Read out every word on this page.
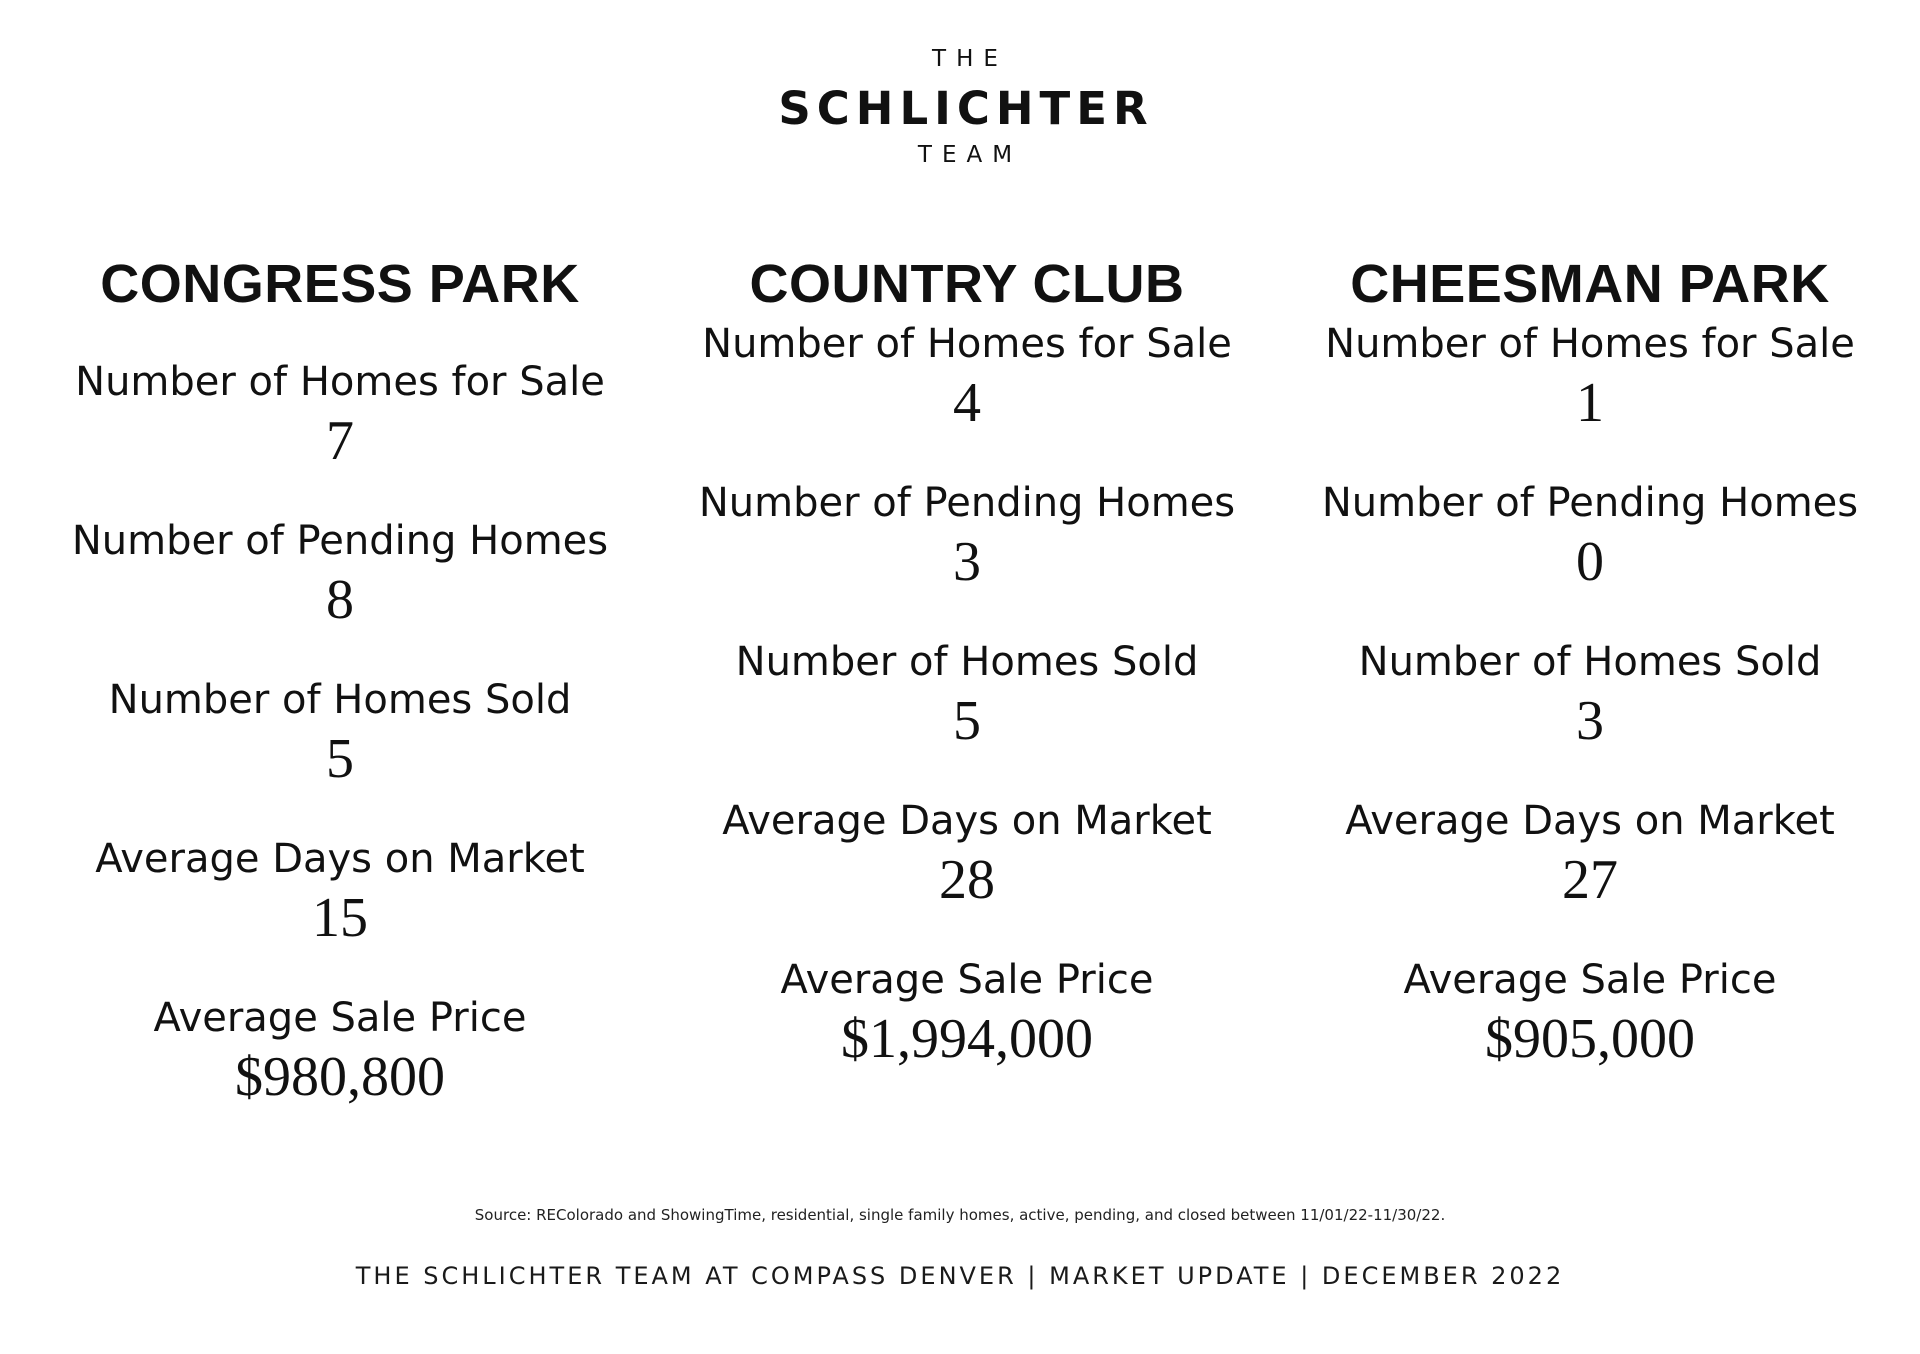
THE
SCHLICHTER
TEAM
CONGRESS PARK
Number of Homes for Sale
7
Number of Pending Homes
8
Number of Homes Sold
5
Average Days on Market
15
Average Sale Price
$980,800
COUNTRY CLUB
Number of Homes for Sale
4
Number of Pending Homes
3
Number of Homes Sold
5
Average Days on Market
28
Average Sale Price
$1,994,000
CHEESMAN PARK
Number of Homes for Sale
1
Number of Pending Homes
0
Number of Homes Sold
3
Average Days on Market
27
Average Sale Price
$905,000
Source: REColorado and ShowingTime, residential, single family homes, active, pending, and closed between 11/01/22-11/30/22.
THE SCHLICHTER TEAM AT COMPASS DENVER | MARKET UPDATE | DECEMBER 2022
